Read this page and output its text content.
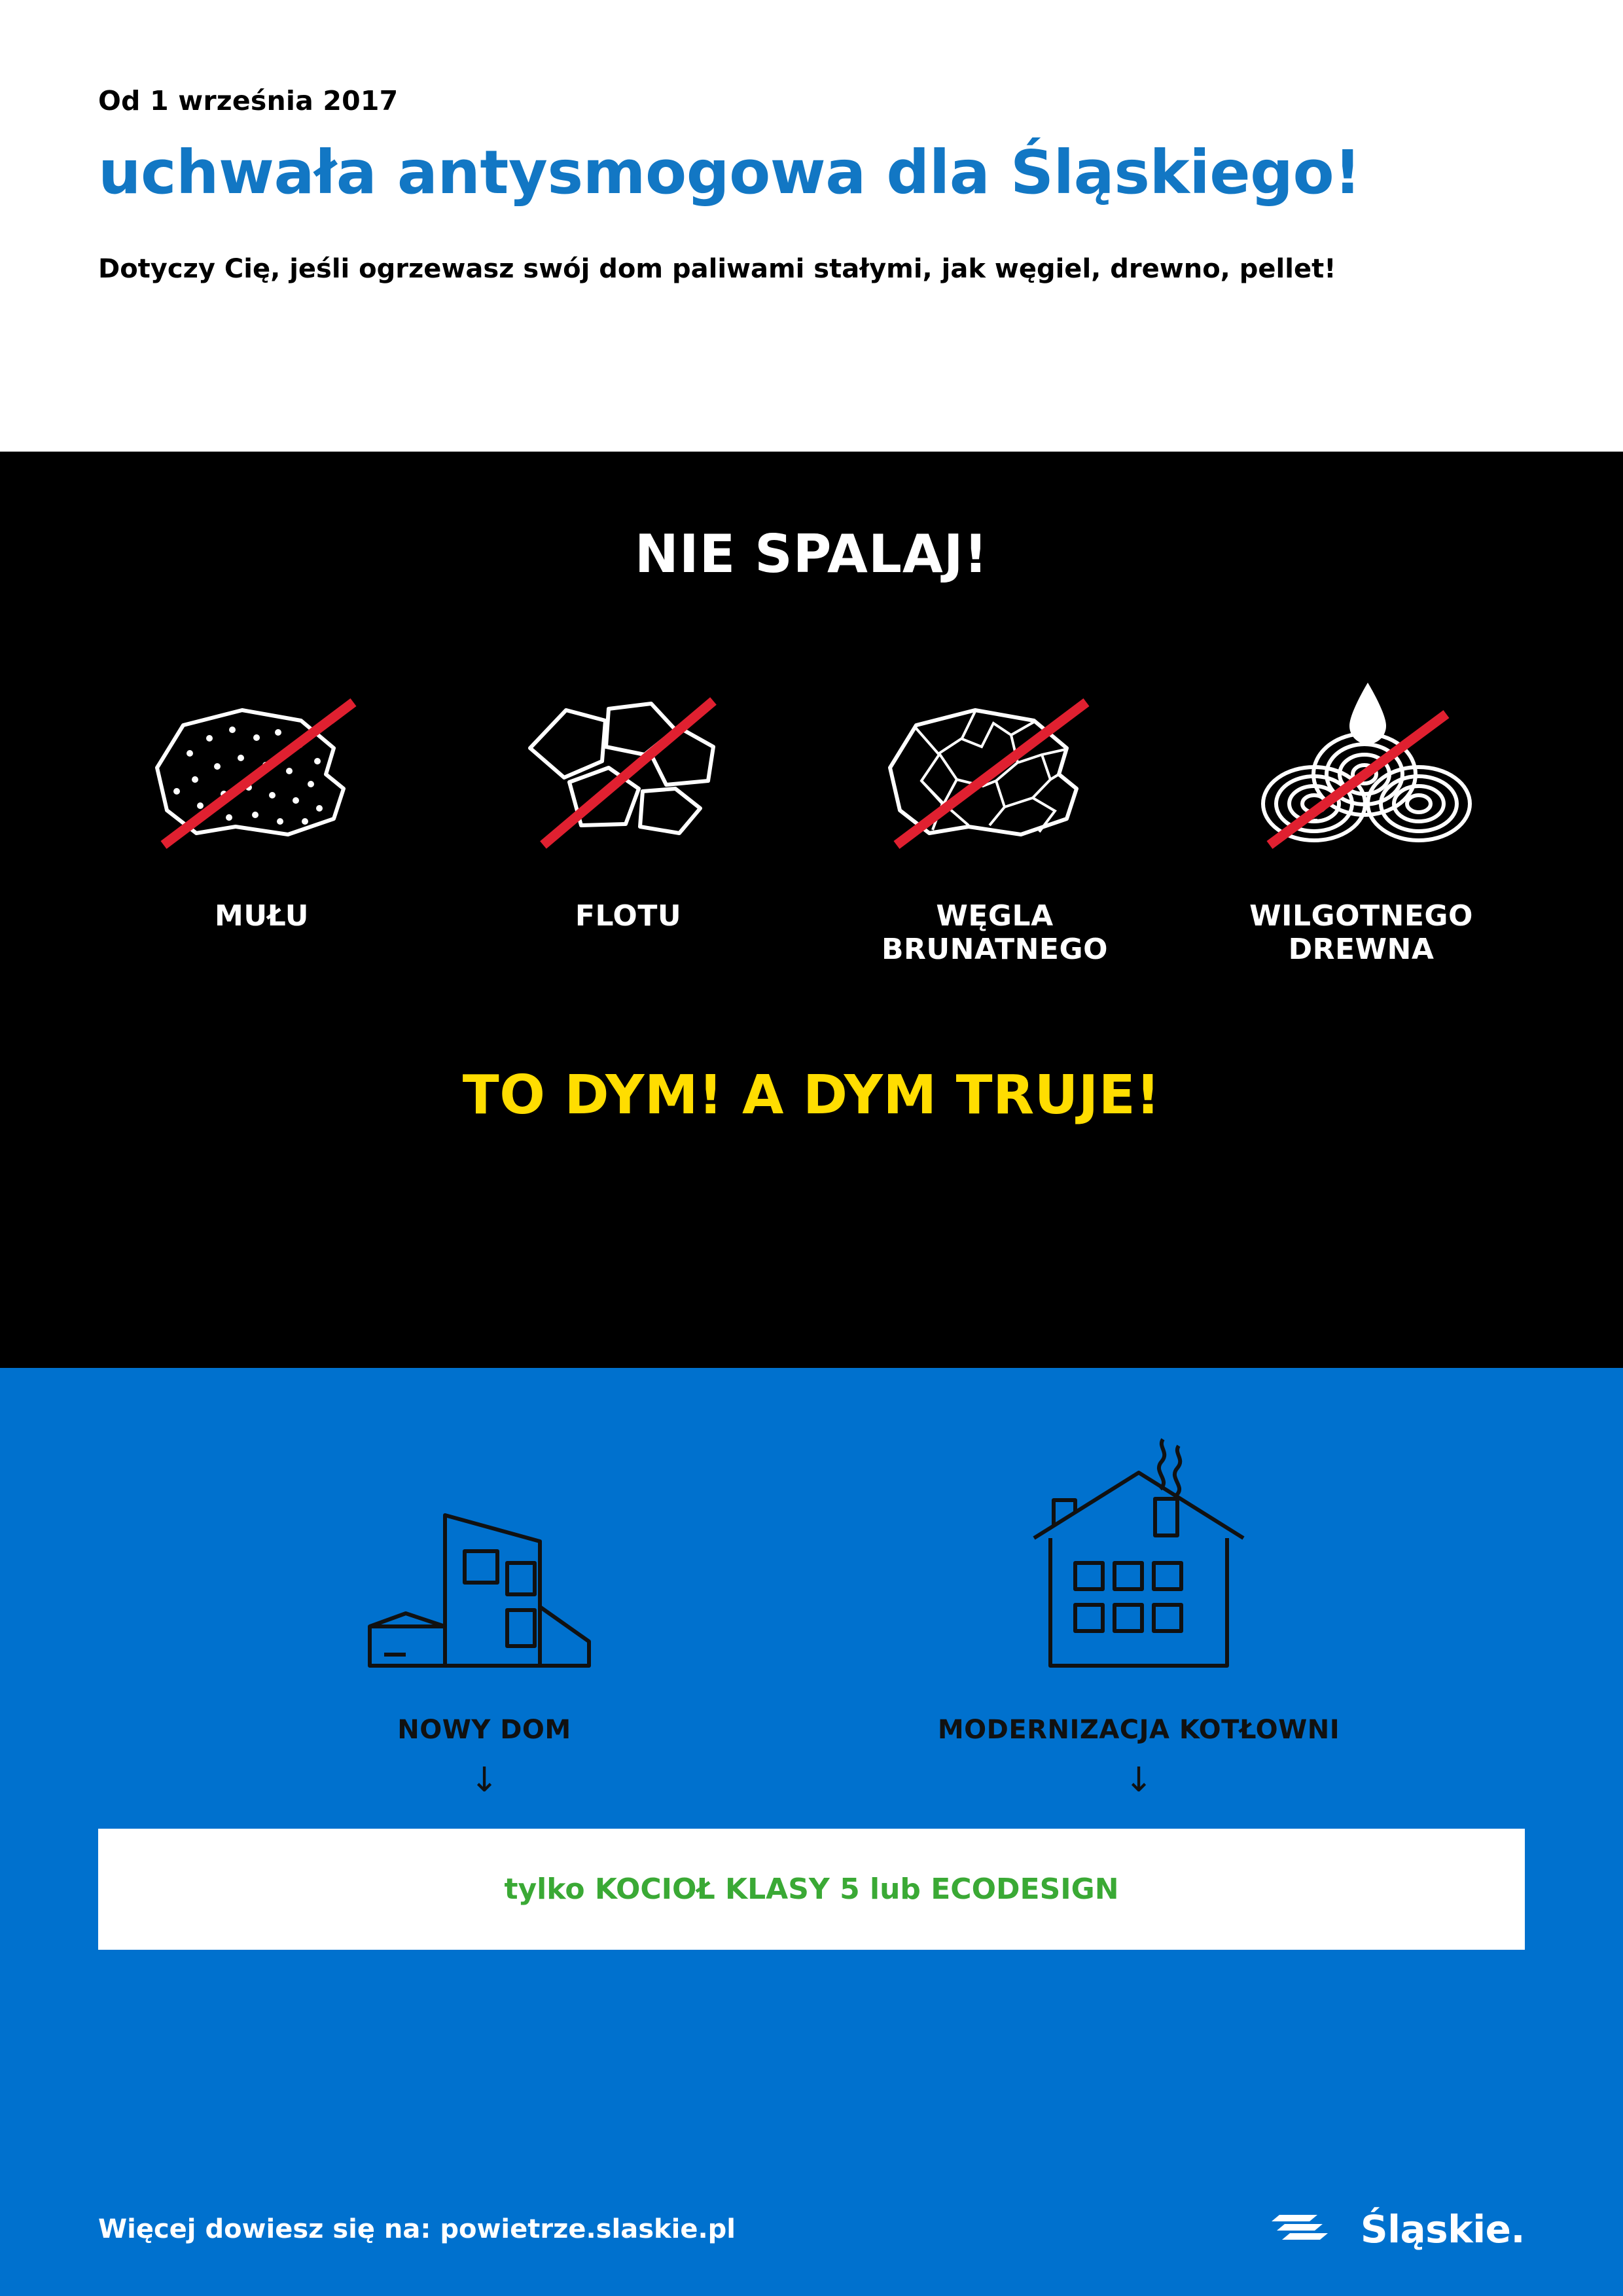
Od 1 września 2017
uchwała antysmogowa dla Śląskiego!
Dotyczy Cię, jeśli ogrzewasz swój dom paliwami stałymi, jak węgiel, drewno, pellet!
NIE SPALAJ!
MUŁU	FLOTU	WĘGLA
BRUNATNEGO
WILGOTNEGO
DREWNA
TO DYM! A DYM TRUJE!
NOWY DOM
↓
MODERNIZACJA KOTŁOWNI
↓
tylko KOCIOŁ KLASY 5 lub ECODESIGN
Więcej dowiesz się na: powietrze.slaskie.pl	Śląskie.
